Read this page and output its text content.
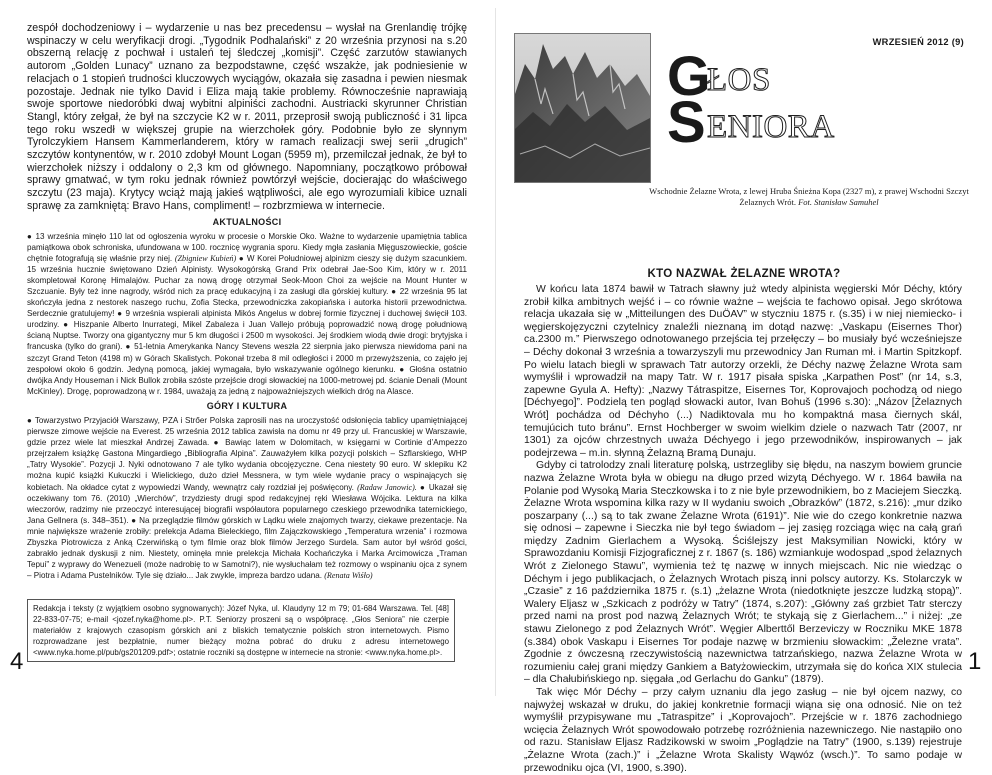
zespół dochodzeniowy i – wydarzenie u nas bez precedensu – wysłał na Grenlandię trójkę wspinaczy w celu weryfikacji drogi. „Tygodnik Podhalański” z 20 września przynosi na s.20 obszerną relację z pochwał i ustaleń tej śledczej „komisji”. Część zarzutów stawianych autorom „Golden Lunacy” uznano za bezpodstawne, część wszakże, jak podniesienie w relacjach o 1 stopień trudności kluczowych wyciągów, okazała się zasadna i pewien niesmak pozostaje. Jednak nie tylko David i Eliza mają takie problemy. Równocześnie naprawiają swoje sportowe niedoróbki dwaj wybitni alpiniści zachodni. Austriacki skyrunner Christian Stangl, który zełgał, że był na szczycie K2 w r. 2011, przeprosił swoją publiczność i 31 lipca tego roku wszedł w większej grupie na wierzchołek góry. Podobnie było ze słynnym Tyrolczykiem Hansem Kammerlanderem, który w ramach realizacji swej serii „drugich” szczytów kontynentów, w r. 2010 zdobył Mount Logan (5959 m), przemilczał jednak, że był to wierzchołek niższy i oddalony o 2,3 km od głównego. Napomniany, początkowo próbował sprawy gmatwać, w tym roku jednak również powtórzył wejście, docierając do właściwego szczytu (23 maja). Krytycy wciąż mają jakieś wątpliwości, ale ego wyrozumiali kibice uznali sprawę za zamkniętą: Bravo Hans, compliment! – rozbrzmiewa w internecie.

AKTUALNOŚCI

● 13 września minęło 110 lat od ogłoszenia wyroku w procesie o Morskie Oko. Ważne to wydarzenie upamiętnia tablica pamiątkowa obok schroniska, ufundowana w 100. rocznicę wygrania sporu. Kiedy mgła zasłania Mięguszowieckie, goście chętnie fotografują się właśnie przy niej. (Zbigniew Kubień) ● W Korei Południowej alpinizm cieszy się dużym szacunkiem. 15 września hucznie świętowano Dzień Alpinisty. Wysokogórską Grand Prix odebrał Jae-Soo Kim, który w r. 2011 skompletował Koronę Himalajów. Puchar za nową drogę otrzymał Seok-Moon Choi za wejście na Mount Hunter w Szczuanie. Były też inne nagrody, wśród nich za pracę edukacyjną i za zasługi dla górskiej kultury. ● 22 września 95 lat skończyła jedna z nestorek naszego ruchu, Zofia Stecka, przewodniczka zakopiańska i autorka historii przewodnictwa. Serdecznie gratulujemy! ● 9 września wspierali alpinista Mikós Angelus w dobrej formie fizycznej i duchowej święcił 103. urodziny. ● Hiszpanie Alberto Inurrategi, Mikel Zabaleza i Juan Vallejo próbują poprowadzić nową drogę południową ścianą Nuptse. Tworzy ona gigantyczny mur 5 km długości i 2500 m wysokości. Jej środkiem wiodą dwie drogi: brytyjska i francuska (tylko do grani). ● 51-letnia Amerykanka Nancy Stevens weszła 22 sierpnia jako pierwsza niewidoma pani na szczyt Grand Teton (4198 m) w Górach Skalistych. Pokonał trzeba 8 mil odległości i 2000 m przewyższenia, co zajęło jej zespołowi około 6 godzin. Jedyną pomocą, jakiej wymagała, było wskazywanie ogólnego kierunku. ● Głośna ostatnio dwójka Andy Houseman i Nick Bullok zrobiła szóste przejście drogi słowackiej na 1000-metrowej pd. ścianie Denali (Mount McKinley). Drogę, poprowadzoną w r. 1984, uważają za jedną z najpoważniejszych wielkich dróg na Alasce.

GÓRY I KULTURA

● Towarzystwo Przyjaciół Warszawy, PZA i Strőer Polska zaprosili nas na uroczystość odsłonięcia tablicy upamiętniającej pierwsze zimowe wejście na Everest. 25 września 2012 tablica zawisła na domu nr 49 przy ul. Francuskiej w Warszawie, gdzie przez wiele lat mieszkał Andrzej Zawada. ● Bawiąc latem w Dolomitach, w księgarni w Cortinie d’Ampezzo przejrzałem książkę Gastona Mingardiego „Bibliografia Alpina”. Zauważyłem kilka pozycji polskich – Szflarskiego, WHP „Tatry Wysokie”. Pozycji J. Nyki odnotowano 7 ale tylko wydania obcojęzyczne. Cena niestety 90 euro. W sklepiku K2 można kupić książki Kukuczki i Wielickiego, dużo dzieł Messnera, w tym wiele wydanie pracy o wspinających się kobietach. Na okładce cytat z wypowiedzi Wandy, wewnątrz cały rozdział jej poświęcony. (Radaw Janowic). ● Ukazał się oczekiwany tom 76. (2010) „Wierchów”, trzydziesty drugi spod redakcyjnej ręki Wiesława Wójcika. Lektura na kilka wieczorów, radzimy nie przeoczyć interesującej biografii współautora popularnego czeskiego przewodnika taternickiego, Jana Gellnera (s. 348–351). ● Na przeglądzie filmów górskich w Lądku wiele znajomych twarzy, ciekawe prezentacje. Na mnie największe wrażenie zrobiły: prelekcja Adama Bieleckiego, film Zajączkowskiego „Temperatura wrzenia” i rozmowa Zbyszka Piotrowicza z Anką Czerwińską o tym filmie oraz blok filmów Jerzego Surdela. Sam autor był wśród gości, zabrakło jednak dyskusji z nim. Niestety, ominęła mnie prelekcja Michała Kochańczyka i Marka Arcimowicza „Traman Tepui” z wyprawy do Wenezueli (może nadrobię to w Samotni?), nie wysłuchałam też rozmowy o wspinaniu ojca z synem – Piotra i Adama Pustelników. Tyle się działo... Jak zwykle, impreza bardzo udana. (Renata Wiśło)

Redakcja i teksty (z wyjątkiem osobno sygnowanych): Józef Nyka, ul. Klaudyny 12 m 79; 01-684 Warszawa. Tel. [48] 22-833-07-75; e-mail <jozef.nyka@home.pl>. P.T. Seniorzy proszeni są o współpracę. „Głos Seniora” nie czerpie materiałów z krajowych czasopism górskich ani z bliskich tematycznie polskich stron internetowych. Pismo rozprowadzane jest bezpłatnie, numer bieżący można pobrać do druku z adresu internetowego <www.nyka.home.pl/pub/gs201209.pdf>; ostatnie roczniki są dostępne w internecie na stronie: <www.nyka.home.pl>.

4

WRZESIEŃ 2012 (9)

G
ŁOS
S ENIORA

Wschodnie Żelazne Wrota, z lewej Hruba Śnieżna Kopa (2327 m), z prawej Wschodni Szczyt Żelaznych Wrót. Fot. Stanisław Samuhel

KTO NAZWAŁ ŻELAZNE WROTA?

W końcu lata 1874 bawił w Tatrach sławny już wtedy alpinista węgierski Mór Déchy, który zrobił kilka ambitnych wejść i – co równie ważne – wejścia te fachowo opisał. Jego skrótowa relacja ukazała się w „Mitteilungen des DuÖAV” w styczniu 1875 r. (s.35) i w niej niemiecko- i węgierskojęzyczni czytelnicy znaleźli nieznaną im dotąd nazwę: „Vaskapu (Eisernes Thor) ca.2300 m.” Pierwszego odnotowanego przejścia tej przełęczy – bo musiały być wcześniejsze – Déchy dokonał 3 września a towarzyszyli mu przewodnicy Jan Ruman mł. i Martin Spitzkopf. Po wielu latach biegli w sprawach Tatr autorzy orzekli, że Déchy nazwę Żelazne Wrota sam wymyślił i wprowadził na mapy Tatr. W r. 1917 pisała spiska „Karpathen Post” (nr 14, s.3, zapewne Gyula A. Hefty): „Nazwy Tátraspitze, Eisernes Tor, Koprovajoch pochodzą od niego [Déchyego]”. Podzielą ten pogląd słowacki autor, Ivan Bohuš (1996 s.30): „Názov [Żelaznych Wrót] pochádza od Déchyho (...) Nadiktovala mu ho kompaktná masa čiernych skál, temujúcich tuto bránu”. Ernst Hochberger w swoim wielkim dziele o nazwach Tatr (2007, nr 1301) za ojców chrzestnych uważa Déchyego i jego przewodników, inspirowanych – jak podejrzewa – m.in. słynną Żelazną Bramą Dunaju.

Gdyby ci tatrolodzy znali literaturę polską, ustrzegliby się błędu, na naszym bowiem gruncie nazwa Żelazne Wrota była w obiegu na długo przed wizytą Déchyego. W r. 1864 bawiła na Polanie pod Wysoką Maria Steczkowska i to z nie byle przewodnikiem, bo z Maciejem Sieczką. Żelazne Wrota wspomina kilka razy w II wydaniu swoich „Obrazków” (1872, s.216): „mur dziko poszarpany (...) są to tak zwane Żelazne Wrota (6191)”. Nie wie do czego konkretnie nazwa się odnosi – zapewne i Sieczka nie był tego świadom – jej zasięg rozciąga więc na całą grań między Zadnim Gierlachem a Wysoką. Ściślejszy jest Maksymilian Nowicki, który w Sprawozdaniu Komisji Fizjograficznej z r. 1867 (s. 186) wzmiankuje wodospad „spod żelaznych Wrót z Zielonego Stawu”, wymienia też tę nazwę w innych miejscach. Nic nie wiedząc o Déchym i jego publikacjach, o Żelaznych Wrotach piszą inni polscy autorzy. Ks. Stolarczyk w „Czasie” z 16 października 1875 r. (s.1) „żelazne Wrota (niedotknięte jeszcze ludzką stopą)”. Walery Eljasz w „Szkicach z podróży w Tatry” (1874, s.207): „Główny zaś grzbiet Tatr sterczy przed nami na prost pod nazwą Żelaznych Wrót; te stykają się z Gierlachem...” i niżej: „ze stawu Zielonego z pod Żelaznych Wrót”. Węgier Alberttől Berzeviczy w Roczniku MKE 1878 (s.384) obok Vaskapu i Eisernes Tor podaje nazwę w brzmieniu słowackim: „Železne vrata”. Zgodnie z ówczesną rzeczywistością nazewnictwa tatrzańskiego, nazwa Żelazne Wrota w rozumieniu całej grani między Gankiem a Batyżowieckim, utrzymała się do końca XIX stulecia – dla Chałubińskiego np. sięgała „od Gerlachu do Ganku” (1879).

Tak więc Mór Déchy – przy całym uznaniu dla jego zasług – nie był ojcem nazwy, co najwyżej wskazał w druku, do jakiej konkretnie formacji wiąna się ona odnosić. Nie on też wymyślił przypisywane mu „Tatraspitze” i „Koprovajoch”. Przejście w r. 1876 zachodniego wcięcia Żelaznych Wrót spowodowało potrzebę rozróżnienia nazewniczego. Nie nastąpiło ono od razu. Stanisław Eljasz Radzikowski w swoim „Poglądzie na Tatry” (1900, s.139) rejestruje „Żelazne Wrota (zach.)” i „Żelazne Wrota Skalisty Wąwóz (wsch.)”. To samo podaje w przewodniku ojca (VI, 1900, s.390).

1
